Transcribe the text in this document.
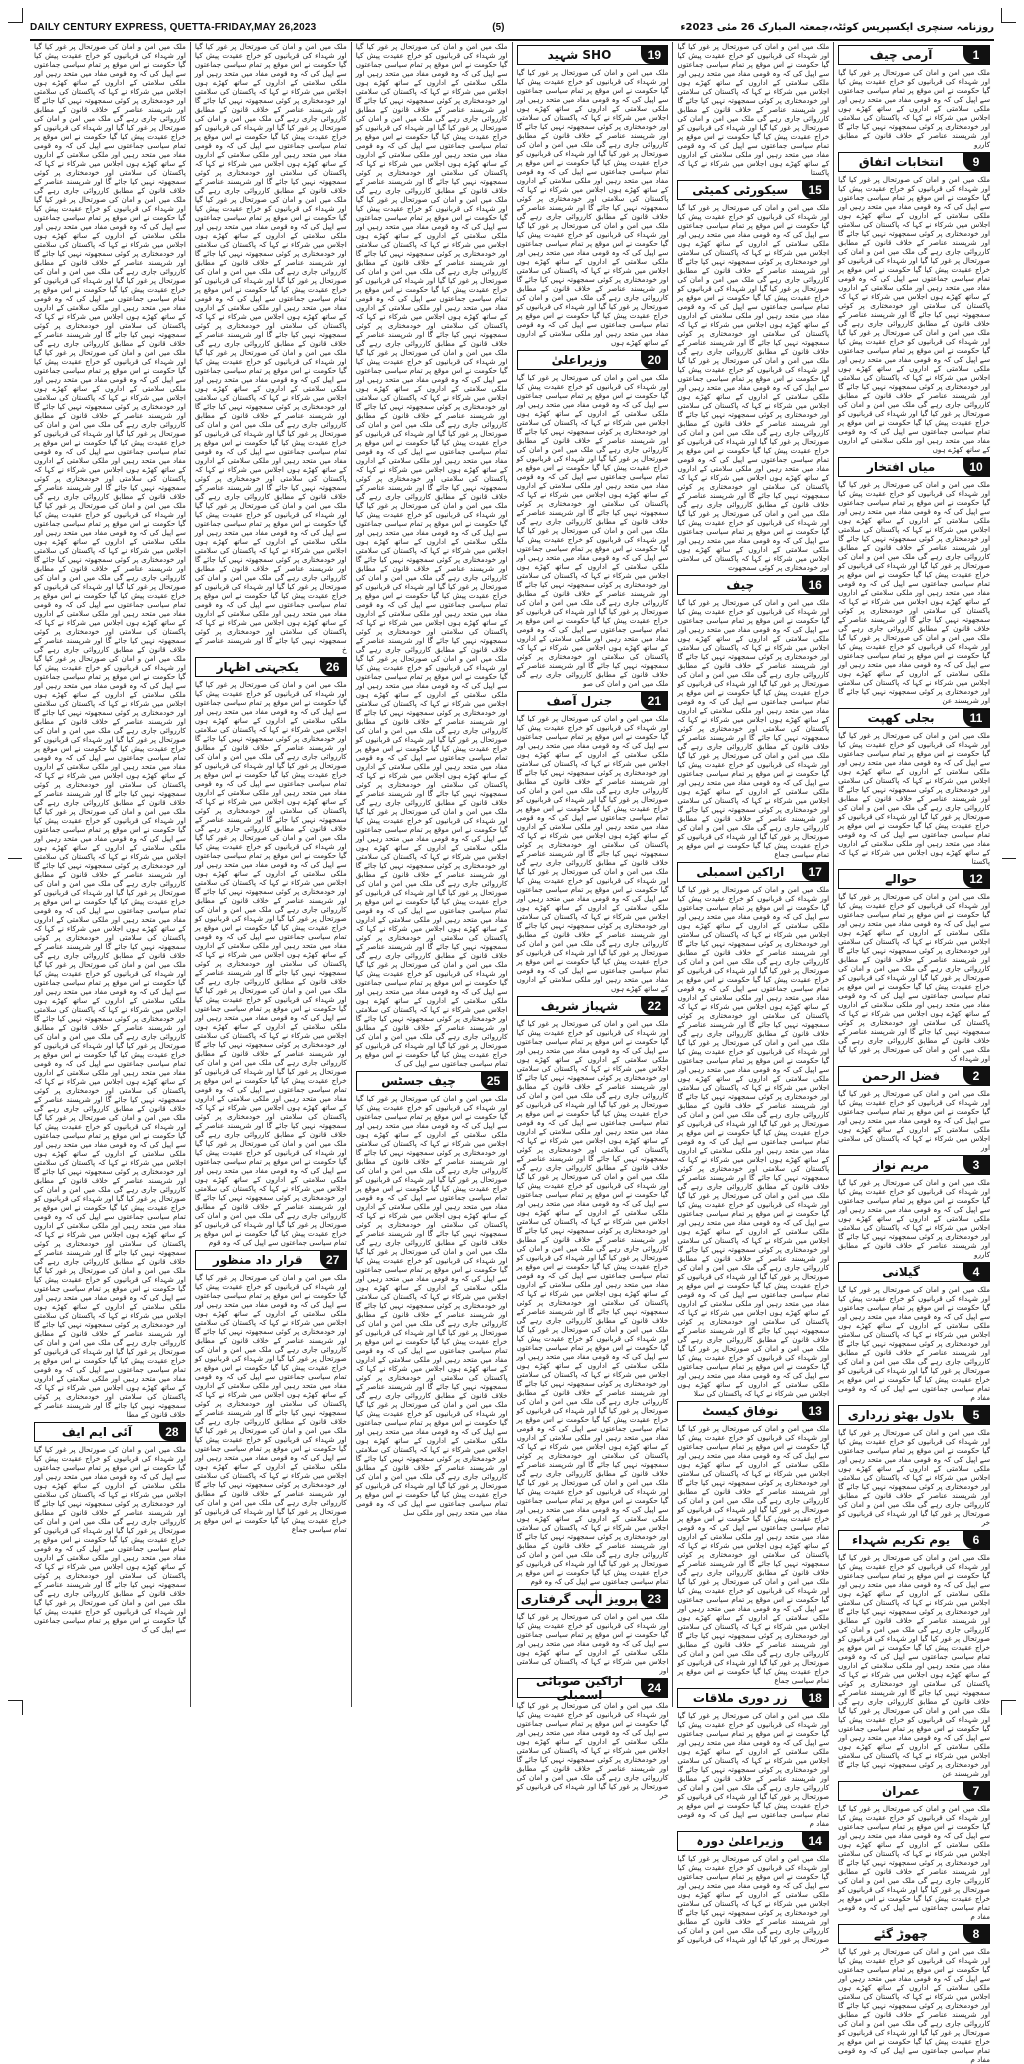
DAILY CENTURY EXPRESS, QUETTA-FRIDAY,MAY 26,2023	(5)	روزنامہ سنچری ایکسپریس کوئٹہ،جمعتہ المبارک 26 مئی 2023ء
1
آرمی چیف

ملک میں امن و امان کی صورتحال پر غور کیا گیا اور شہداء کی قربانیوں کو خراج عقیدت پیش کیا گیا حکومت نے اس موقع پر تمام سیاسی جماعتوں سے اپیل کی کہ وہ قومی مفاد میں متحد رہیں اور ملکی سلامتی کے اداروں کے ساتھ کھڑے ہوں اجلاس میں شرکاء نے کہا کہ پاکستان کی سلامتی اور خودمختاری پر کوئی سمجھوتہ نہیں کیا جائے گا اور شرپسند عناصر کے خلاف قانون کے مطابق کاررو

9
انتخابات اتفاق

ملک میں امن و امان کی صورتحال پر غور کیا گیا اور شہداء کی قربانیوں کو خراج عقیدت پیش کیا گیا حکومت نے اس موقع پر تمام سیاسی جماعتوں سے اپیل کی کہ وہ قومی مفاد میں متحد رہیں اور ملکی سلامتی کے اداروں کے ساتھ کھڑے ہوں اجلاس میں شرکاء نے کہا کہ پاکستان کی سلامتی اور خودمختاری پر کوئی سمجھوتہ نہیں کیا جائے گا اور شرپسند عناصر کے خلاف قانون کے مطابق کارروائی جاری رہے گی ملک میں امن و امان کی صورتحال پر غور کیا گیا اور شہداء کی قربانیوں کو خراج عقیدت پیش کیا گیا حکومت نے اس موقع پر تمام سیاسی جماعتوں سے اپیل کی کہ وہ قومی مفاد میں متحد رہیں اور ملکی سلامتی کے اداروں کے ساتھ کھڑے ہوں اجلاس میں شرکاء نے کہا کہ پاکستان کی سلامتی اور خودمختاری پر کوئی سمجھوتہ نہیں کیا جائے گا اور شرپسند عناصر کے خلاف قانون کے مطابق کارروائی جاری رہے گی ملک میں امن و امان کی صورتحال پر غور کیا گیا اور شہداء کی قربانیوں کو خراج عقیدت پیش کیا گیا حکومت نے اس موقع پر تمام سیاسی جماعتوں سے اپیل کی کہ وہ قومی مفاد میں متحد رہیں اور ملکی سلامتی کے اداروں کے ساتھ کھڑے ہوں اجلاس میں شرکاء نے کہا کہ پاکستان کی سلامتی اور خودمختاری پر کوئی سمجھوتہ نہیں کیا جائے گا اور شرپسند عناصر کے خلاف قانون کے مطابق کارروائی جاری رہے گی ملک میں امن و امان کی صورتحال پر غور کیا گیا اور شہداء کی قربانیوں کو خراج عقیدت پیش کیا گیا حکومت نے اس موقع پر تمام سیاسی جماعتوں سے اپیل کی کہ وہ قومی مفاد میں متحد رہیں اور ملکی سلامتی کے اداروں کے ساتھ کھڑے ہوں

10
میاں افتخار

ملک میں امن و امان کی صورتحال پر غور کیا گیا اور شہداء کی قربانیوں کو خراج عقیدت پیش کیا گیا حکومت نے اس موقع پر تمام سیاسی جماعتوں سے اپیل کی کہ وہ قومی مفاد میں متحد رہیں اور ملکی سلامتی کے اداروں کے ساتھ کھڑے ہوں اجلاس میں شرکاء نے کہا کہ پاکستان کی سلامتی اور خودمختاری پر کوئی سمجھوتہ نہیں کیا جائے گا اور شرپسند عناصر کے خلاف قانون کے مطابق کارروائی جاری رہے گی ملک میں امن و امان کی صورتحال پر غور کیا گیا اور شہداء کی قربانیوں کو خراج عقیدت پیش کیا گیا حکومت نے اس موقع پر تمام سیاسی جماعتوں سے اپیل کی کہ وہ قومی مفاد میں متحد رہیں اور ملکی سلامتی کے اداروں کے ساتھ کھڑے ہوں اجلاس میں شرکاء نے کہا کہ پاکستان کی سلامتی اور خودمختاری پر کوئی سمجھوتہ نہیں کیا جائے گا اور شرپسند عناصر کے خلاف قانون کے مطابق کارروائی جاری رہے گی ملک میں امن و امان کی صورتحال پر غور کیا گیا اور شہداء کی قربانیوں کو خراج عقیدت پیش کیا گیا حکومت نے اس موقع پر تمام سیاسی جماعتوں سے اپیل کی کہ وہ قومی مفاد میں متحد رہیں اور ملکی سلامتی کے اداروں کے ساتھ کھڑے ہوں اجلاس میں شرکاء نے کہا کہ پاکستان کی سلامتی اور خودمختاری پر کوئی سمجھوتہ نہیں کیا جائے گا اور شرپسند عن

11
بجلی کھپت

ملک میں امن و امان کی صورتحال پر غور کیا گیا اور شہداء کی قربانیوں کو خراج عقیدت پیش کیا گیا حکومت نے اس موقع پر تمام سیاسی جماعتوں سے اپیل کی کہ وہ قومی مفاد میں متحد رہیں اور ملکی سلامتی کے اداروں کے ساتھ کھڑے ہوں اجلاس میں شرکاء نے کہا کہ پاکستان کی سلامتی اور خودمختاری پر کوئی سمجھوتہ نہیں کیا جائے گا اور شرپسند عناصر کے خلاف قانون کے مطابق کارروائی جاری رہے گی ملک میں امن و امان کی صورتحال پر غور کیا گیا اور شہداء کی قربانیوں کو خراج عقیدت پیش کیا گیا حکومت نے اس موقع پر تمام سیاسی جماعتوں سے اپیل کی کہ وہ قومی مفاد میں متحد رہیں اور ملکی سلامتی کے اداروں کے ساتھ کھڑے ہوں اجلاس میں شرکاء نے کہا کہ پاکستا

12
حوالے

ملک میں امن و امان کی صورتحال پر غور کیا گیا اور شہداء کی قربانیوں کو خراج عقیدت پیش کیا گیا حکومت نے اس موقع پر تمام سیاسی جماعتوں سے اپیل کی کہ وہ قومی مفاد میں متحد رہیں اور ملکی سلامتی کے اداروں کے ساتھ کھڑے ہوں اجلاس میں شرکاء نے کہا کہ پاکستان کی سلامتی اور خودمختاری پر کوئی سمجھوتہ نہیں کیا جائے گا اور شرپسند عناصر کے خلاف قانون کے مطابق کارروائی جاری رہے گی ملک میں امن و امان کی صورتحال پر غور کیا گیا اور شہداء کی قربانیوں کو خراج عقیدت پیش کیا گیا حکومت نے اس موقع پر تمام سیاسی جماعتوں سے اپیل کی کہ وہ قومی مفاد میں متحد رہیں اور ملکی سلامتی کے اداروں کے ساتھ کھڑے ہوں اجلاس میں شرکاء نے کہا کہ پاکستان کی سلامتی اور خودمختاری پر کوئی سمجھوتہ نہیں کیا جائے گا اور شرپسند عناصر کے خلاف قانون کے مطابق کارروائی جاری رہے گی ملک میں امن و امان کی صورتحال پر غور کیا گیا اور شہداء ک

2
فضل الرحمن

ملک میں امن و امان کی صورتحال پر غور کیا گیا اور شہداء کی قربانیوں کو خراج عقیدت پیش کیا گیا حکومت نے اس موقع پر تمام سیاسی جماعتوں سے اپیل کی کہ وہ قومی مفاد میں متحد رہیں اور ملکی سلامتی کے اداروں کے ساتھ کھڑے ہوں اجلاس میں شرکاء نے کہا کہ پاکستان کی سلامتی اور

3
مریم نواز

ملک میں امن و امان کی صورتحال پر غور کیا گیا اور شہداء کی قربانیوں کو خراج عقیدت پیش کیا گیا حکومت نے اس موقع پر تمام سیاسی جماعتوں سے اپیل کی کہ وہ قومی مفاد میں متحد رہیں اور ملکی سلامتی کے اداروں کے ساتھ کھڑے ہوں اجلاس میں شرکاء نے کہا کہ پاکستان کی سلامتی اور خودمختاری پر کوئی سمجھوتہ نہیں کیا جائے گا اور شرپسند عناصر کے خلاف قانون کے مطابق کاررو

4
گیلانی

ملک میں امن و امان کی صورتحال پر غور کیا گیا اور شہداء کی قربانیوں کو خراج عقیدت پیش کیا گیا حکومت نے اس موقع پر تمام سیاسی جماعتوں سے اپیل کی کہ وہ قومی مفاد میں متحد رہیں اور ملکی سلامتی کے اداروں کے ساتھ کھڑے ہوں اجلاس میں شرکاء نے کہا کہ پاکستان کی سلامتی اور خودمختاری پر کوئی سمجھوتہ نہیں کیا جائے گا اور شرپسند عناصر کے خلاف قانون کے مطابق کارروائی جاری رہے گی ملک میں امن و امان کی صورتحال پر غور کیا گیا اور شہداء کی قربانیوں کو خراج عقیدت پیش کیا گیا حکومت نے اس موقع پر تمام سیاسی جماعتوں سے اپیل کی کہ وہ قومی مفاد م

5
بلاول بھٹو زرداری

ملک میں امن و امان کی صورتحال پر غور کیا گیا اور شہداء کی قربانیوں کو خراج عقیدت پیش کیا گیا حکومت نے اس موقع پر تمام سیاسی جماعتوں سے اپیل کی کہ وہ قومی مفاد میں متحد رہیں اور ملکی سلامتی کے اداروں کے ساتھ کھڑے ہوں اجلاس میں شرکاء نے کہا کہ پاکستان کی سلامتی اور خودمختاری پر کوئی سمجھوتہ نہیں کیا جائے گا اور شرپسند عناصر کے خلاف قانون کے مطابق کارروائی جاری رہے گی ملک میں امن و امان کی صورتحال پر غور کیا گیا اور شہداء کی قربانیوں کو خر

6
یوم تکریم شہداء

ملک میں امن و امان کی صورتحال پر غور کیا گیا اور شہداء کی قربانیوں کو خراج عقیدت پیش کیا گیا حکومت نے اس موقع پر تمام سیاسی جماعتوں سے اپیل کی کہ وہ قومی مفاد میں متحد رہیں اور ملکی سلامتی کے اداروں کے ساتھ کھڑے ہوں اجلاس میں شرکاء نے کہا کہ پاکستان کی سلامتی اور خودمختاری پر کوئی سمجھوتہ نہیں کیا جائے گا اور شرپسند عناصر کے خلاف قانون کے مطابق کارروائی جاری رہے گی ملک میں امن و امان کی صورتحال پر غور کیا گیا اور شہداء کی قربانیوں کو خراج عقیدت پیش کیا گیا حکومت نے اس موقع پر تمام سیاسی جماعتوں سے اپیل کی کہ وہ قومی مفاد میں متحد رہیں اور ملکی سلامتی کے اداروں کے ساتھ کھڑے ہوں اجلاس میں شرکاء نے کہا کہ پاکستان کی سلامتی اور خودمختاری پر کوئی سمجھوتہ نہیں کیا جائے گا اور شرپسند عناصر کے خلاف قانون کے مطابق کارروائی جاری رہے گی ملک میں امن و امان کی صورتحال پر غور کیا گیا اور شہداء کی قربانیوں کو خراج عقیدت پیش کیا گیا حکومت نے اس موقع پر تمام سیاسی جماعتوں سے اپیل کی کہ وہ قومی مفاد میں متحد رہیں اور ملکی سلامتی کے اداروں کے ساتھ کھڑے ہوں اجلاس میں شرکاء نے کہا کہ پاکستان کی سلامتی اور خودمختاری پر کوئی سمجھوتہ نہیں کیا جائے گا اور شرپسند عن

7
عمران

ملک میں امن و امان کی صورتحال پر غور کیا گیا اور شہداء کی قربانیوں کو خراج عقیدت پیش کیا گیا حکومت نے اس موقع پر تمام سیاسی جماعتوں سے اپیل کی کہ وہ قومی مفاد میں متحد رہیں اور ملکی سلامتی کے اداروں کے ساتھ کھڑے ہوں اجلاس میں شرکاء نے کہا کہ پاکستان کی سلامتی اور خودمختاری پر کوئی سمجھوتہ نہیں کیا جائے گا اور شرپسند عناصر کے خلاف قانون کے مطابق کارروائی جاری رہے گی ملک میں امن و امان کی صورتحال پر غور کیا گیا اور شہداء کی قربانیوں کو خراج عقیدت پیش کیا گیا حکومت نے اس موقع پر تمام سیاسی جماعتوں سے اپیل کی کہ وہ قومی مفاد م

8
چھوڑ گئے

ملک میں امن و امان کی صورتحال پر غور کیا گیا اور شہداء کی قربانیوں کو خراج عقیدت پیش کیا گیا حکومت نے اس موقع پر تمام سیاسی جماعتوں سے اپیل کی کہ وہ قومی مفاد میں متحد رہیں اور ملکی سلامتی کے اداروں کے ساتھ کھڑے ہوں اجلاس میں شرکاء نے کہا کہ پاکستان کی سلامتی اور خودمختاری پر کوئی سمجھوتہ نہیں کیا جائے گا اور شرپسند عناصر کے خلاف قانون کے مطابق کارروائی جاری رہے گی ملک میں امن و امان کی صورتحال پر غور کیا گیا اور شہداء کی قربانیوں کو خراج عقیدت پیش کیا گیا حکومت نے اس موقع پر تمام سیاسی جماعتوں سے اپیل کی کہ وہ قومی مفاد م

ملک میں امن و امان کی صورتحال پر غور کیا گیا اور شہداء کی قربانیوں کو خراج عقیدت پیش کیا گیا حکومت نے اس موقع پر تمام سیاسی جماعتوں سے اپیل کی کہ وہ قومی مفاد میں متحد رہیں اور ملکی سلامتی کے اداروں کے ساتھ کھڑے ہوں اجلاس میں شرکاء نے کہا کہ پاکستان کی سلامتی اور خودمختاری پر کوئی سمجھوتہ نہیں کیا جائے گا اور شرپسند عناصر کے خلاف قانون کے مطابق کارروائی جاری رہے گی ملک میں امن و امان کی صورتحال پر غور کیا گیا اور شہداء کی قربانیوں کو خراج عقیدت پیش کیا گیا حکومت نے اس موقع پر تمام سیاسی جماعتوں سے اپیل کی کہ وہ قومی مفاد میں متحد رہیں اور ملکی سلامتی کے اداروں کے ساتھ کھڑے ہوں اجلاس میں شرکاء نے کہا کہ پاکستا

15
سیکورٹی کمیٹی

ملک میں امن و امان کی صورتحال پر غور کیا گیا اور شہداء کی قربانیوں کو خراج عقیدت پیش کیا گیا حکومت نے اس موقع پر تمام سیاسی جماعتوں سے اپیل کی کہ وہ قومی مفاد میں متحد رہیں اور ملکی سلامتی کے اداروں کے ساتھ کھڑے ہوں اجلاس میں شرکاء نے کہا کہ پاکستان کی سلامتی اور خودمختاری پر کوئی سمجھوتہ نہیں کیا جائے گا اور شرپسند عناصر کے خلاف قانون کے مطابق کارروائی جاری رہے گی ملک میں امن و امان کی صورتحال پر غور کیا گیا اور شہداء کی قربانیوں کو خراج عقیدت پیش کیا گیا حکومت نے اس موقع پر تمام سیاسی جماعتوں سے اپیل کی کہ وہ قومی مفاد میں متحد رہیں اور ملکی سلامتی کے اداروں کے ساتھ کھڑے ہوں اجلاس میں شرکاء نے کہا کہ پاکستان کی سلامتی اور خودمختاری پر کوئی سمجھوتہ نہیں کیا جائے گا اور شرپسند عناصر کے خلاف قانون کے مطابق کارروائی جاری رہے گی ملک میں امن و امان کی صورتحال پر غور کیا گیا اور شہداء کی قربانیوں کو خراج عقیدت پیش کیا گیا حکومت نے اس موقع پر تمام سیاسی جماعتوں سے اپیل کی کہ وہ قومی مفاد میں متحد رہیں اور ملکی سلامتی کے اداروں کے ساتھ کھڑے ہوں اجلاس میں شرکاء نے کہا کہ پاکستان کی سلامتی اور خودمختاری پر کوئی سمجھوتہ نہیں کیا جائے گا اور شرپسند عناصر کے خلاف قانون کے مطابق کارروائی جاری رہے گی ملک میں امن و امان کی صورتحال پر غور کیا گیا اور شہداء کی قربانیوں کو خراج عقیدت پیش کیا گیا حکومت نے اس موقع پر تمام سیاسی جماعتوں سے اپیل کی کہ وہ قومی مفاد میں متحد رہیں اور ملکی سلامتی کے اداروں کے ساتھ کھڑے ہوں اجلاس میں شرکاء نے کہا کہ پاکستان کی سلامتی اور خودمختاری پر کوئی سمجھوتہ نہیں کیا جائے گا اور شرپسند عناصر کے خلاف قانون کے مطابق کارروائی جاری رہے گی ملک میں امن و امان کی صورتحال پر غور کیا گیا اور شہداء کی قربانیوں کو خراج عقیدت پیش کیا گیا حکومت نے اس موقع پر تمام سیاسی جماعتوں سے اپیل کی کہ وہ قومی مفاد میں متحد رہیں اور ملکی سلامتی کے اداروں کے ساتھ کھڑے ہوں اجلاس میں شرکاء نے کہا کہ پاکستان کی سلامتی اور خودمختاری پر کوئی سمجھوت

16
چیف

ملک میں امن و امان کی صورتحال پر غور کیا گیا اور شہداء کی قربانیوں کو خراج عقیدت پیش کیا گیا حکومت نے اس موقع پر تمام سیاسی جماعتوں سے اپیل کی کہ وہ قومی مفاد میں متحد رہیں اور ملکی سلامتی کے اداروں کے ساتھ کھڑے ہوں اجلاس میں شرکاء نے کہا کہ پاکستان کی سلامتی اور خودمختاری پر کوئی سمجھوتہ نہیں کیا جائے گا اور شرپسند عناصر کے خلاف قانون کے مطابق کارروائی جاری رہے گی ملک میں امن و امان کی صورتحال پر غور کیا گیا اور شہداء کی قربانیوں کو خراج عقیدت پیش کیا گیا حکومت نے اس موقع پر تمام سیاسی جماعتوں سے اپیل کی کہ وہ قومی مفاد میں متحد رہیں اور ملکی سلامتی کے اداروں کے ساتھ کھڑے ہوں اجلاس میں شرکاء نے کہا کہ پاکستان کی سلامتی اور خودمختاری پر کوئی سمجھوتہ نہیں کیا جائے گا اور شرپسند عناصر کے خلاف قانون کے مطابق کارروائی جاری رہے گی ملک میں امن و امان کی صورتحال پر غور کیا گیا اور شہداء کی قربانیوں کو خراج عقیدت پیش کیا گیا حکومت نے اس موقع پر تمام سیاسی جماعتوں سے اپیل کی کہ وہ قومی مفاد میں متحد رہیں اور ملکی سلامتی کے اداروں کے ساتھ کھڑے ہوں اجلاس میں شرکاء نے کہا کہ پاکستان کی سلامتی اور خودمختاری پر کوئی سمجھوتہ نہیں کیا جائے گا اور شرپسند عناصر کے خلاف قانون کے مطابق کارروائی جاری رہے گی ملک میں امن و امان کی صورتحال پر غور کیا گیا اور شہداء کی قربانیوں کو خراج عقیدت پیش کیا گیا حکومت نے اس موقع پر تمام سیاسی جماع

17
اراکین اسمبلی

ملک میں امن و امان کی صورتحال پر غور کیا گیا اور شہداء کی قربانیوں کو خراج عقیدت پیش کیا گیا حکومت نے اس موقع پر تمام سیاسی جماعتوں سے اپیل کی کہ وہ قومی مفاد میں متحد رہیں اور ملکی سلامتی کے اداروں کے ساتھ کھڑے ہوں اجلاس میں شرکاء نے کہا کہ پاکستان کی سلامتی اور خودمختاری پر کوئی سمجھوتہ نہیں کیا جائے گا اور شرپسند عناصر کے خلاف قانون کے مطابق کارروائی جاری رہے گی ملک میں امن و امان کی صورتحال پر غور کیا گیا اور شہداء کی قربانیوں کو خراج عقیدت پیش کیا گیا حکومت نے اس موقع پر تمام سیاسی جماعتوں سے اپیل کی کہ وہ قومی مفاد میں متحد رہیں اور ملکی سلامتی کے اداروں کے ساتھ کھڑے ہوں اجلاس میں شرکاء نے کہا کہ پاکستان کی سلامتی اور خودمختاری پر کوئی سمجھوتہ نہیں کیا جائے گا اور شرپسند عناصر کے خلاف قانون کے مطابق کارروائی جاری رہے گی ملک میں امن و امان کی صورتحال پر غور کیا گیا اور شہداء کی قربانیوں کو خراج عقیدت پیش کیا گیا حکومت نے اس موقع پر تمام سیاسی جماعتوں سے اپیل کی کہ وہ قومی مفاد میں متحد رہیں اور ملکی سلامتی کے اداروں کے ساتھ کھڑے ہوں اجلاس میں شرکاء نے کہا کہ پاکستان کی سلامتی اور خودمختاری پر کوئی سمجھوتہ نہیں کیا جائے گا اور شرپسند عناصر کے خلاف قانون کے مطابق کارروائی جاری رہے گی ملک میں امن و امان کی صورتحال پر غور کیا گیا اور شہداء کی قربانیوں کو خراج عقیدت پیش کیا گیا حکومت نے اس موقع پر تمام سیاسی جماعتوں سے اپیل کی کہ وہ قومی مفاد میں متحد رہیں اور ملکی سلامتی کے اداروں کے ساتھ کھڑے ہوں اجلاس میں شرکاء نے کہا کہ پاکستان کی سلامتی اور خودمختاری پر کوئی سمجھوتہ نہیں کیا جائے گا اور شرپسند عناصر کے خلاف قانون کے مطابق کارروائی جاری رہے گی ملک میں امن و امان کی صورتحال پر غور کیا گیا اور شہداء کی قربانیوں کو خراج عقیدت پیش کیا گیا حکومت نے اس موقع پر تمام سیاسی جماعتوں سے اپیل کی کہ وہ قومی مفاد میں متحد رہیں اور ملکی سلامتی کے اداروں کے ساتھ کھڑے ہوں اجلاس میں شرکاء نے کہا کہ پاکستان کی سلامتی اور خودمختاری پر کوئی سمجھوتہ نہیں کیا جائے گا اور شرپسند عناصر کے خلاف قانون کے مطابق کارروائی جاری رہے گی ملک میں امن و امان کی صورتحال پر غور کیا گیا اور شہداء کی قربانیوں کو خراج عقیدت پیش کیا گیا حکومت نے اس موقع پر تمام سیاسی جماعتوں سے اپیل کی کہ وہ قومی مفاد میں متحد رہیں اور ملکی سلامتی کے اداروں کے ساتھ کھڑے ہوں اجلاس میں شرکاء نے کہا کہ پاکستان کی سلامتی اور خودمختاری پر کوئی سمجھوتہ نہیں کیا جائے گا اور شرپسند عناصر کے خلاف قانون کے مطابق کارروائی جاری رہے گی ملک میں امن و امان کی صورتحال پر غور کیا گیا اور شہداء کی قربانیوں کو خراج عقیدت پیش کیا گیا حکومت نے اس موقع پر تمام سیاسی جماعتوں سے اپیل کی کہ وہ قومی مفاد میں متحد رہیں اور ملکی سلامتی کے اداروں کے ساتھ کھڑے ہوں اجلاس میں شرکاء نے کہا کہ پاکستان کی سلا

13
نوفاق کیسٹ

ملک میں امن و امان کی صورتحال پر غور کیا گیا اور شہداء کی قربانیوں کو خراج عقیدت پیش کیا گیا حکومت نے اس موقع پر تمام سیاسی جماعتوں سے اپیل کی کہ وہ قومی مفاد میں متحد رہیں اور ملکی سلامتی کے اداروں کے ساتھ کھڑے ہوں اجلاس میں شرکاء نے کہا کہ پاکستان کی سلامتی اور خودمختاری پر کوئی سمجھوتہ نہیں کیا جائے گا اور شرپسند عناصر کے خلاف قانون کے مطابق کارروائی جاری رہے گی ملک میں امن و امان کی صورتحال پر غور کیا گیا اور شہداء کی قربانیوں کو خراج عقیدت پیش کیا گیا حکومت نے اس موقع پر تمام سیاسی جماعتوں سے اپیل کی کہ وہ قومی مفاد میں متحد رہیں اور ملکی سلامتی کے اداروں کے ساتھ کھڑے ہوں اجلاس میں شرکاء نے کہا کہ پاکستان کی سلامتی اور خودمختاری پر کوئی سمجھوتہ نہیں کیا جائے گا اور شرپسند عناصر کے خلاف قانون کے مطابق کارروائی جاری رہے گی ملک میں امن و امان کی صورتحال پر غور کیا گیا اور شہداء کی قربانیوں کو خراج عقیدت پیش کیا گیا حکومت نے اس موقع پر تمام سیاسی جماعتوں سے اپیل کی کہ وہ قومی مفاد میں متحد رہیں اور ملکی سلامتی کے اداروں کے ساتھ کھڑے ہوں اجلاس میں شرکاء نے کہا کہ پاکستان کی سلامتی اور خودمختاری پر کوئی سمجھوتہ نہیں کیا جائے گا اور شرپسند عناصر کے خلاف قانون کے مطابق کارروائی جاری رہے گی ملک میں امن و امان کی صورتحال پر غور کیا گیا اور شہداء کی قربانیوں کو خراج عقیدت پیش کیا گیا حکومت نے اس موقع پر تمام سیاسی جماع

18
زر دوری ملاقات

ملک میں امن و امان کی صورتحال پر غور کیا گیا اور شہداء کی قربانیوں کو خراج عقیدت پیش کیا گیا حکومت نے اس موقع پر تمام سیاسی جماعتوں سے اپیل کی کہ وہ قومی مفاد میں متحد رہیں اور ملکی سلامتی کے اداروں کے ساتھ کھڑے ہوں اجلاس میں شرکاء نے کہا کہ پاکستان کی سلامتی اور خودمختاری پر کوئی سمجھوتہ نہیں کیا جائے گا اور شرپسند عناصر کے خلاف قانون کے مطابق کارروائی جاری رہے گی ملک میں امن و امان کی صورتحال پر غور کیا گیا اور شہداء کی قربانیوں کو خراج عقیدت پیش کیا گیا حکومت نے اس موقع پر تمام سیاسی جماعتوں سے اپیل کی کہ وہ قومی مفاد م

14
وزیراعلیٰ دورہ

ملک میں امن و امان کی صورتحال پر غور کیا گیا اور شہداء کی قربانیوں کو خراج عقیدت پیش کیا گیا حکومت نے اس موقع پر تمام سیاسی جماعتوں سے اپیل کی کہ وہ قومی مفاد میں متحد رہیں اور ملکی سلامتی کے اداروں کے ساتھ کھڑے ہوں اجلاس میں شرکاء نے کہا کہ پاکستان کی سلامتی اور خودمختاری پر کوئی سمجھوتہ نہیں کیا جائے گا اور شرپسند عناصر کے خلاف قانون کے مطابق کارروائی جاری رہے گی ملک میں امن و امان کی صورتحال پر غور کیا گیا اور شہداء کی قربانیوں کو خر

19
SHO شہید

ملک میں امن و امان کی صورتحال پر غور کیا گیا اور شہداء کی قربانیوں کو خراج عقیدت پیش کیا گیا حکومت نے اس موقع پر تمام سیاسی جماعتوں سے اپیل کی کہ وہ قومی مفاد میں متحد رہیں اور ملکی سلامتی کے اداروں کے ساتھ کھڑے ہوں اجلاس میں شرکاء نے کہا کہ پاکستان کی سلامتی اور خودمختاری پر کوئی سمجھوتہ نہیں کیا جائے گا اور شرپسند عناصر کے خلاف قانون کے مطابق کارروائی جاری رہے گی ملک میں امن و امان کی صورتحال پر غور کیا گیا اور شہداء کی قربانیوں کو خراج عقیدت پیش کیا گیا حکومت نے اس موقع پر تمام سیاسی جماعتوں سے اپیل کی کہ وہ قومی مفاد میں متحد رہیں اور ملکی سلامتی کے اداروں کے ساتھ کھڑے ہوں اجلاس میں شرکاء نے کہا کہ پاکستان کی سلامتی اور خودمختاری پر کوئی سمجھوتہ نہیں کیا جائے گا اور شرپسند عناصر کے خلاف قانون کے مطابق کارروائی جاری رہے گی ملک میں امن و امان کی صورتحال پر غور کیا گیا اور شہداء کی قربانیوں کو خراج عقیدت پیش کیا گیا حکومت نے اس موقع پر تمام سیاسی جماعتوں سے اپیل کی کہ وہ قومی مفاد میں متحد رہیں اور ملکی سلامتی کے اداروں کے ساتھ کھڑے ہوں اجلاس میں شرکاء نے کہا کہ پاکستان کی سلامتی اور خودمختاری پر کوئی سمجھوتہ نہیں کیا جائے گا اور شرپسند عناصر کے خلاف قانون کے مطابق کارروائی جاری رہے گی ملک میں امن و امان کی صورتحال پر غور کیا گیا اور شہداء کی قربانیوں کو خراج عقیدت پیش کیا گیا حکومت نے اس موقع پر تمام سیاسی جماعتوں سے اپیل کی کہ وہ قومی مفاد میں متحد رہیں اور ملکی سلامتی کے اداروں کے ساتھ کھڑے ہوں

20
وزیراعلیٰ

ملک میں امن و امان کی صورتحال پر غور کیا گیا اور شہداء کی قربانیوں کو خراج عقیدت پیش کیا گیا حکومت نے اس موقع پر تمام سیاسی جماعتوں سے اپیل کی کہ وہ قومی مفاد میں متحد رہیں اور ملکی سلامتی کے اداروں کے ساتھ کھڑے ہوں اجلاس میں شرکاء نے کہا کہ پاکستان کی سلامتی اور خودمختاری پر کوئی سمجھوتہ نہیں کیا جائے گا اور شرپسند عناصر کے خلاف قانون کے مطابق کارروائی جاری رہے گی ملک میں امن و امان کی صورتحال پر غور کیا گیا اور شہداء کی قربانیوں کو خراج عقیدت پیش کیا گیا حکومت نے اس موقع پر تمام سیاسی جماعتوں سے اپیل کی کہ وہ قومی مفاد میں متحد رہیں اور ملکی سلامتی کے اداروں کے ساتھ کھڑے ہوں اجلاس میں شرکاء نے کہا کہ پاکستان کی سلامتی اور خودمختاری پر کوئی سمجھوتہ نہیں کیا جائے گا اور شرپسند عناصر کے خلاف قانون کے مطابق کارروائی جاری رہے گی ملک میں امن و امان کی صورتحال پر غور کیا گیا اور شہداء کی قربانیوں کو خراج عقیدت پیش کیا گیا حکومت نے اس موقع پر تمام سیاسی جماعتوں سے اپیل کی کہ وہ قومی مفاد میں متحد رہیں اور ملکی سلامتی کے اداروں کے ساتھ کھڑے ہوں اجلاس میں شرکاء نے کہا کہ پاکستان کی سلامتی اور خودمختاری پر کوئی سمجھوتہ نہیں کیا جائے گا اور شرپسند عناصر کے خلاف قانون کے مطابق کارروائی جاری رہے گی ملک میں امن و امان کی صورتحال پر غور کیا گیا اور شہداء کی قربانیوں کو خراج عقیدت پیش کیا گیا حکومت نے اس موقع پر تمام سیاسی جماعتوں سے اپیل کی کہ وہ قومی مفاد میں متحد رہیں اور ملکی سلامتی کے اداروں کے ساتھ کھڑے ہوں اجلاس میں شرکاء نے کہا کہ پاکستان کی سلامتی اور خودمختاری پر کوئی سمجھوتہ نہیں کیا جائے گا اور شرپسند عناصر کے خلاف قانون کے مطابق کارروائی جاری رہے گی ملک میں امن و امان کی صو

21
جنرل آصف

ملک میں امن و امان کی صورتحال پر غور کیا گیا اور شہداء کی قربانیوں کو خراج عقیدت پیش کیا گیا حکومت نے اس موقع پر تمام سیاسی جماعتوں سے اپیل کی کہ وہ قومی مفاد میں متحد رہیں اور ملکی سلامتی کے اداروں کے ساتھ کھڑے ہوں اجلاس میں شرکاء نے کہا کہ پاکستان کی سلامتی اور خودمختاری پر کوئی سمجھوتہ نہیں کیا جائے گا اور شرپسند عناصر کے خلاف قانون کے مطابق کارروائی جاری رہے گی ملک میں امن و امان کی صورتحال پر غور کیا گیا اور شہداء کی قربانیوں کو خراج عقیدت پیش کیا گیا حکومت نے اس موقع پر تمام سیاسی جماعتوں سے اپیل کی کہ وہ قومی مفاد میں متحد رہیں اور ملکی سلامتی کے اداروں کے ساتھ کھڑے ہوں اجلاس میں شرکاء نے کہا کہ پاکستان کی سلامتی اور خودمختاری پر کوئی سمجھوتہ نہیں کیا جائے گا اور شرپسند عناصر کے خلاف قانون کے مطابق کارروائی جاری رہے گی ملک میں امن و امان کی صورتحال پر غور کیا گیا اور شہداء کی قربانیوں کو خراج عقیدت پیش کیا گیا حکومت نے اس موقع پر تمام سیاسی جماعتوں سے اپیل کی کہ وہ قومی مفاد میں متحد رہیں اور ملکی سلامتی کے اداروں کے ساتھ کھڑے ہوں اجلاس میں شرکاء نے کہا کہ پاکستان کی سلامتی اور خودمختاری پر کوئی سمجھوتہ نہیں کیا جائے گا اور شرپسند عناصر کے خلاف قانون کے مطابق کارروائی جاری رہے گی ملک میں امن و امان کی صورتحال پر غور کیا گیا اور شہداء کی قربانیوں کو خراج عقیدت پیش کیا گیا حکومت نے اس موقع پر تمام سیاسی جماعتوں سے اپیل کی کہ وہ قومی مفاد میں متحد رہیں اور ملکی سلامتی کے اداروں کے ساتھ کھڑے ہوں

22
شہباز شریف

ملک میں امن و امان کی صورتحال پر غور کیا گیا اور شہداء کی قربانیوں کو خراج عقیدت پیش کیا گیا حکومت نے اس موقع پر تمام سیاسی جماعتوں سے اپیل کی کہ وہ قومی مفاد میں متحد رہیں اور ملکی سلامتی کے اداروں کے ساتھ کھڑے ہوں اجلاس میں شرکاء نے کہا کہ پاکستان کی سلامتی اور خودمختاری پر کوئی سمجھوتہ نہیں کیا جائے گا اور شرپسند عناصر کے خلاف قانون کے مطابق کارروائی جاری رہے گی ملک میں امن و امان کی صورتحال پر غور کیا گیا اور شہداء کی قربانیوں کو خراج عقیدت پیش کیا گیا حکومت نے اس موقع پر تمام سیاسی جماعتوں سے اپیل کی کہ وہ قومی مفاد میں متحد رہیں اور ملکی سلامتی کے اداروں کے ساتھ کھڑے ہوں اجلاس میں شرکاء نے کہا کہ پاکستان کی سلامتی اور خودمختاری پر کوئی سمجھوتہ نہیں کیا جائے گا اور شرپسند عناصر کے خلاف قانون کے مطابق کارروائی جاری رہے گی ملک میں امن و امان کی صورتحال پر غور کیا گیا اور شہداء کی قربانیوں کو خراج عقیدت پیش کیا گیا حکومت نے اس موقع پر تمام سیاسی جماعتوں سے اپیل کی کہ وہ قومی مفاد میں متحد رہیں اور ملکی سلامتی کے اداروں کے ساتھ کھڑے ہوں اجلاس میں شرکاء نے کہا کہ پاکستان کی سلامتی اور خودمختاری پر کوئی سمجھوتہ نہیں کیا جائے گا اور شرپسند عناصر کے خلاف قانون کے مطابق کارروائی جاری رہے گی ملک میں امن و امان کی صورتحال پر غور کیا گیا اور شہداء کی قربانیوں کو خراج عقیدت پیش کیا گیا حکومت نے اس موقع پر تمام سیاسی جماعتوں سے اپیل کی کہ وہ قومی مفاد میں متحد رہیں اور ملکی سلامتی کے اداروں کے ساتھ کھڑے ہوں اجلاس میں شرکاء نے کہا کہ پاکستان کی سلامتی اور خودمختاری پر کوئی سمجھوتہ نہیں کیا جائے گا اور شرپسند عناصر کے خلاف قانون کے مطابق کارروائی جاری رہے گی ملک میں امن و امان کی صورتحال پر غور کیا گیا اور شہداء کی قربانیوں کو خراج عقیدت پیش کیا گیا حکومت نے اس موقع پر تمام سیاسی جماعتوں سے اپیل کی کہ وہ قومی مفاد میں متحد رہیں اور ملکی سلامتی کے اداروں کے ساتھ کھڑے ہوں اجلاس میں شرکاء نے کہا کہ پاکستان کی سلامتی اور خودمختاری پر کوئی سمجھوتہ نہیں کیا جائے گا اور شرپسند عناصر کے خلاف قانون کے مطابق کارروائی جاری رہے گی ملک میں امن و امان کی صورتحال پر غور کیا گیا اور شہداء کی قربانیوں کو خراج عقیدت پیش کیا گیا حکومت نے اس موقع پر تمام سیاسی جماعتوں سے اپیل کی کہ وہ قومی مفاد میں متحد رہیں اور ملکی سلامتی کے اداروں کے ساتھ کھڑے ہوں اجلاس میں شرکاء نے کہا کہ پاکستان کی سلامتی اور خودمختاری پر کوئی سمجھوتہ نہیں کیا جائے گا اور شرپسند عناصر کے خلاف قانون کے مطابق کارروائی جاری رہے گی ملک میں امن و امان کی صورتحال پر غور کیا گیا اور شہداء کی قربانیوں کو خراج عقیدت پیش کیا گیا حکومت نے اس موقع پر تمام سیاسی جماعتوں سے اپیل کی کہ وہ قومی مفاد میں متحد رہیں اور ملکی سلامتی کے اداروں کے ساتھ کھڑے ہوں اجلاس میں شرکاء نے کہا کہ پاکستان کی سلامتی اور خودمختاری پر کوئی سمجھوتہ نہیں کیا جائے گا اور شرپسند عناصر کے خلاف قانون کے مطابق کارروائی جاری رہے گی ملک میں امن و امان کی صورتحال پر غور کیا گیا اور شہداء کی قربانیوں کو خراج عقیدت پیش کیا گیا حکومت نے اس موقع پر تمام سیاسی جماعتوں سے اپیل کی کہ وہ قوم

23
پرویز الٰہی گرفتاری

ملک میں امن و امان کی صورتحال پر غور کیا گیا اور شہداء کی قربانیوں کو خراج عقیدت پیش کیا گیا حکومت نے اس موقع پر تمام سیاسی جماعتوں سے اپیل کی کہ وہ قومی مفاد میں متحد رہیں اور ملکی سلامتی کے اداروں کے ساتھ کھڑے ہوں اجلاس میں شرکاء نے کہا کہ پاکستان کی سلامتی اور

24
اراکین صوبائی اسمبلی

ملک میں امن و امان کی صورتحال پر غور کیا گیا اور شہداء کی قربانیوں کو خراج عقیدت پیش کیا گیا حکومت نے اس موقع پر تمام سیاسی جماعتوں سے اپیل کی کہ وہ قومی مفاد میں متحد رہیں اور ملکی سلامتی کے اداروں کے ساتھ کھڑے ہوں اجلاس میں شرکاء نے کہا کہ پاکستان کی سلامتی اور خودمختاری پر کوئی سمجھوتہ نہیں کیا جائے گا اور شرپسند عناصر کے خلاف قانون کے مطابق کارروائی جاری رہے گی ملک میں امن و امان کی صورتحال پر غور کیا گیا اور شہداء کی قربانیوں کو خر

ملک میں امن و امان کی صورتحال پر غور کیا گیا اور شہداء کی قربانیوں کو خراج عقیدت پیش کیا گیا حکومت نے اس موقع پر تمام سیاسی جماعتوں سے اپیل کی کہ وہ قومی مفاد میں متحد رہیں اور ملکی سلامتی کے اداروں کے ساتھ کھڑے ہوں اجلاس میں شرکاء نے کہا کہ پاکستان کی سلامتی اور خودمختاری پر کوئی سمجھوتہ نہیں کیا جائے گا اور شرپسند عناصر کے خلاف قانون کے مطابق کارروائی جاری رہے گی ملک میں امن و امان کی صورتحال پر غور کیا گیا اور شہداء کی قربانیوں کو خراج عقیدت پیش کیا گیا حکومت نے اس موقع پر تمام سیاسی جماعتوں سے اپیل کی کہ وہ قومی مفاد میں متحد رہیں اور ملکی سلامتی کے اداروں کے ساتھ کھڑے ہوں اجلاس میں شرکاء نے کہا کہ پاکستان کی سلامتی اور خودمختاری پر کوئی سمجھوتہ نہیں کیا جائے گا اور شرپسند عناصر کے خلاف قانون کے مطابق کارروائی جاری رہے گی ملک میں امن و امان کی صورتحال پر غور کیا گیا اور شہداء کی قربانیوں کو خراج عقیدت پیش کیا گیا حکومت نے اس موقع پر تمام سیاسی جماعتوں سے اپیل کی کہ وہ قومی مفاد میں متحد رہیں اور ملکی سلامتی کے اداروں کے ساتھ کھڑے ہوں اجلاس میں شرکاء نے کہا کہ پاکستان کی سلامتی اور خودمختاری پر کوئی سمجھوتہ نہیں کیا جائے گا اور شرپسند عناصر کے خلاف قانون کے مطابق کارروائی جاری رہے گی ملک میں امن و امان کی صورتحال پر غور کیا گیا اور شہداء کی قربانیوں کو خراج عقیدت پیش کیا گیا حکومت نے اس موقع پر تمام سیاسی جماعتوں سے اپیل کی کہ وہ قومی مفاد میں متحد رہیں اور ملکی سلامتی کے اداروں کے ساتھ کھڑے ہوں اجلاس میں شرکاء نے کہا کہ پاکستان کی سلامتی اور خودمختاری پر کوئی سمجھوتہ نہیں کیا جائے گا اور شرپسند عناصر کے خلاف قانون کے مطابق کارروائی جاری رہے گی ملک میں امن و امان کی صورتحال پر غور کیا گیا اور شہداء کی قربانیوں کو خراج عقیدت پیش کیا گیا حکومت نے اس موقع پر تمام سیاسی جماعتوں سے اپیل کی کہ وہ قومی مفاد میں متحد رہیں اور ملکی سلامتی کے اداروں کے ساتھ کھڑے ہوں اجلاس میں شرکاء نے کہا کہ پاکستان کی سلامتی اور خودمختاری پر کوئی سمجھوتہ نہیں کیا جائے گا اور شرپسند عناصر کے خلاف قانون کے مطابق کارروائی جاری رہے گی ملک میں امن و امان کی صورتحال پر غور کیا گیا اور شہداء کی قربانیوں کو خراج عقیدت پیش کیا گیا حکومت نے اس موقع پر تمام سیاسی جماعتوں سے اپیل کی کہ وہ قومی مفاد میں متحد رہیں اور ملکی سلامتی کے اداروں کے ساتھ کھڑے ہوں اجلاس میں شرکاء نے کہا کہ پاکستان کی سلامتی اور خودمختاری پر کوئی سمجھوتہ نہیں کیا جائے گا اور شرپسند عناصر کے خلاف قانون کے مطابق کارروائی جاری رہے گی ملک میں امن و امان کی صورتحال پر غور کیا گیا اور شہداء کی قربانیوں کو خراج عقیدت پیش کیا گیا حکومت نے اس موقع پر تمام سیاسی جماعتوں سے اپیل کی کہ وہ قومی مفاد میں متحد رہیں اور ملکی سلامتی کے اداروں کے ساتھ کھڑے ہوں اجلاس میں شرکاء نے کہا کہ پاکستان کی سلامتی اور خودمختاری پر کوئی سمجھوتہ نہیں کیا جائے گا اور شرپسند عناصر کے خلاف قانون کے مطابق کارروائی جاری رہے گی ملک میں امن و امان کی صورتحال پر غور کیا گیا اور شہداء کی قربانیوں کو خراج عقیدت پیش کیا گیا حکومت نے اس موقع پر تمام سیاسی جماعتوں سے اپیل کی کہ وہ قومی مفاد میں متحد رہیں اور ملکی سلامتی کے اداروں کے ساتھ کھڑے ہوں اجلاس میں شرکاء نے کہا کہ پاکستان کی سلامتی اور خودمختاری پر کوئی سمجھوتہ نہیں کیا جائے گا اور شرپسند عناصر کے خلاف قانون کے مطابق کارروائی جاری رہے گی ملک میں امن و امان کی صورتحال پر غور کیا گیا اور شہداء کی قربانیوں کو خراج عقیدت پیش کیا گیا حکومت نے اس موقع پر تمام سیاسی جماعتوں سے اپیل کی کہ وہ قومی مفاد میں متحد رہیں اور ملکی سلامتی کے اداروں کے ساتھ کھڑے ہوں اجلاس میں شرکاء نے کہا کہ پاکستان کی سلامتی اور خودمختاری پر کوئی سمجھوتہ نہیں کیا جائے گا اور شرپسند عناصر کے خلاف قانون کے مطابق کارروائی جاری رہے گی ملک میں امن و امان کی صورتحال پر غور کیا گیا اور شہداء کی قربانیوں کو خراج عقیدت پیش کیا گیا حکومت نے اس موقع پر تمام سیاسی جماعتوں سے اپیل کی کہ وہ قومی مفاد میں متحد رہیں اور ملکی سلامتی کے اداروں کے ساتھ کھڑے ہوں اجلاس میں شرکاء نے کہا کہ پاکستان کی سلامتی اور خودمختاری پر کوئی سمجھوتہ نہیں کیا جائے گا اور شرپسند عناصر کے خلاف قانون کے مطابق کارروائی جاری رہے گی ملک میں امن و امان کی صورتحال پر غور کیا گیا اور شہداء کی قربانیوں کو خراج عقیدت پیش کیا گیا حکومت نے اس موقع پر تمام سیاسی جماعتوں سے اپیل کی کہ وہ قومی مفاد میں متحد رہیں اور ملکی سلامتی کے اداروں کے ساتھ کھڑے ہوں اجلاس میں شرکاء نے کہا کہ پاکستان کی سلامتی اور خودمختاری پر کوئی سمجھوتہ نہیں کیا جائے گا اور شرپسند عناصر کے خلاف قانون کے مطابق کارروائی جاری رہے گی ملک میں امن و امان کی صورتحال پر غور کیا گیا اور شہداء کی قربانیوں کو خراج عقیدت پیش کیا گیا حکومت نے اس موقع پر تمام سیاسی جماعتوں سے اپیل کی کہ وہ قومی مفاد میں متحد رہیں اور ملکی سلامتی کے اداروں کے ساتھ کھڑے ہوں اجلاس میں شرکاء نے کہا کہ پاکستان کی سلامتی اور خودمختاری پر کوئی سمجھوتہ نہیں کیا جائے گا اور شرپسند عناصر کے خلاف قانون کے مطابق کارروائی جاری رہے گی ملک میں امن و امان کی صورتحال پر غور کیا گیا اور شہداء کی قربانیوں کو خراج عقیدت پیش کیا گیا حکومت نے اس موقع پر تمام سیاسی جماعتوں سے اپیل کی کہ وہ قومی مفاد میں متحد رہیں اور ملکی سلامتی کے اداروں کے ساتھ کھڑے ہوں اجلاس میں شرکاء نے کہا کہ پاکستان کی سلامتی اور خودمختاری پر کوئی سمجھوتہ نہیں کیا جائے گا اور شرپسند عناصر کے خلاف قانون کے مطابق کارروائی جاری رہے گی ملک میں امن و امان کی صورتحال پر غور کیا گیا اور شہداء کی قربانیوں کو خراج عقیدت پیش کیا گیا حکومت نے اس موقع پر تمام سیاسی جماعتوں سے اپیل کی ک

25
چیف جسٹس

ملک میں امن و امان کی صورتحال پر غور کیا گیا اور شہداء کی قربانیوں کو خراج عقیدت پیش کیا گیا حکومت نے اس موقع پر تمام سیاسی جماعتوں سے اپیل کی کہ وہ قومی مفاد میں متحد رہیں اور ملکی سلامتی کے اداروں کے ساتھ کھڑے ہوں اجلاس میں شرکاء نے کہا کہ پاکستان کی سلامتی اور خودمختاری پر کوئی سمجھوتہ نہیں کیا جائے گا اور شرپسند عناصر کے خلاف قانون کے مطابق کارروائی جاری رہے گی ملک میں امن و امان کی صورتحال پر غور کیا گیا اور شہداء کی قربانیوں کو خراج عقیدت پیش کیا گیا حکومت نے اس موقع پر تمام سیاسی جماعتوں سے اپیل کی کہ وہ قومی مفاد میں متحد رہیں اور ملکی سلامتی کے اداروں کے ساتھ کھڑے ہوں اجلاس میں شرکاء نے کہا کہ پاکستان کی سلامتی اور خودمختاری پر کوئی سمجھوتہ نہیں کیا جائے گا اور شرپسند عناصر کے خلاف قانون کے مطابق کارروائی جاری رہے گی ملک میں امن و امان کی صورتحال پر غور کیا گیا اور شہداء کی قربانیوں کو خراج عقیدت پیش کیا گیا حکومت نے اس موقع پر تمام سیاسی جماعتوں سے اپیل کی کہ وہ قومی مفاد میں متحد رہیں اور ملکی سلامتی کے اداروں کے ساتھ کھڑے ہوں اجلاس میں شرکاء نے کہا کہ پاکستان کی سلامتی اور خودمختاری پر کوئی سمجھوتہ نہیں کیا جائے گا اور شرپسند عناصر کے خلاف قانون کے مطابق کارروائی جاری رہے گی ملک میں امن و امان کی صورتحال پر غور کیا گیا اور شہداء کی قربانیوں کو خراج عقیدت پیش کیا گیا حکومت نے اس موقع پر تمام سیاسی جماعتوں سے اپیل کی کہ وہ قومی مفاد میں متحد رہیں اور ملکی سلامتی کے اداروں کے ساتھ کھڑے ہوں اجلاس میں شرکاء نے کہا کہ پاکستان کی سلامتی اور خودمختاری پر کوئی سمجھوتہ نہیں کیا جائے گا اور شرپسند عناصر کے خلاف قانون کے مطابق کارروائی جاری رہے گی ملک میں امن و امان کی صورتحال پر غور کیا گیا اور شہداء کی قربانیوں کو خراج عقیدت پیش کیا گیا حکومت نے اس موقع پر تمام سیاسی جماعتوں سے اپیل کی کہ وہ قومی مفاد میں متحد رہیں اور ملکی سلامتی کے اداروں کے ساتھ کھڑے ہوں اجلاس میں شرکاء نے کہا کہ پاکستان کی سلامتی اور خودمختاری پر کوئی سمجھوتہ نہیں کیا جائے گا اور شرپسند عناصر کے خلاف قانون کے مطابق کارروائی جاری رہے گی ملک میں امن و امان کی صورتحال پر غور کیا گیا اور شہداء کی قربانیوں کو خراج عقیدت پیش کیا گیا حکومت نے اس موقع پر تمام سیاسی جماعتوں سے اپیل کی کہ وہ قومی مفاد میں متحد رہیں اور ملکی سل

ملک میں امن و امان کی صورتحال پر غور کیا گیا اور شہداء کی قربانیوں کو خراج عقیدت پیش کیا گیا حکومت نے اس موقع پر تمام سیاسی جماعتوں سے اپیل کی کہ وہ قومی مفاد میں متحد رہیں اور ملکی سلامتی کے اداروں کے ساتھ کھڑے ہوں اجلاس میں شرکاء نے کہا کہ پاکستان کی سلامتی اور خودمختاری پر کوئی سمجھوتہ نہیں کیا جائے گا اور شرپسند عناصر کے خلاف قانون کے مطابق کارروائی جاری رہے گی ملک میں امن و امان کی صورتحال پر غور کیا گیا اور شہداء کی قربانیوں کو خراج عقیدت پیش کیا گیا حکومت نے اس موقع پر تمام سیاسی جماعتوں سے اپیل کی کہ وہ قومی مفاد میں متحد رہیں اور ملکی سلامتی کے اداروں کے ساتھ کھڑے ہوں اجلاس میں شرکاء نے کہا کہ پاکستان کی سلامتی اور خودمختاری پر کوئی سمجھوتہ نہیں کیا جائے گا اور شرپسند عناصر کے خلاف قانون کے مطابق کارروائی جاری رہے گی ملک میں امن و امان کی صورتحال پر غور کیا گیا اور شہداء کی قربانیوں کو خراج عقیدت پیش کیا گیا حکومت نے اس موقع پر تمام سیاسی جماعتوں سے اپیل کی کہ وہ قومی مفاد میں متحد رہیں اور ملکی سلامتی کے اداروں کے ساتھ کھڑے ہوں اجلاس میں شرکاء نے کہا کہ پاکستان کی سلامتی اور خودمختاری پر کوئی سمجھوتہ نہیں کیا جائے گا اور شرپسند عناصر کے خلاف قانون کے مطابق کارروائی جاری رہے گی ملک میں امن و امان کی صورتحال پر غور کیا گیا اور شہداء کی قربانیوں کو خراج عقیدت پیش کیا گیا حکومت نے اس موقع پر تمام سیاسی جماعتوں سے اپیل کی کہ وہ قومی مفاد میں متحد رہیں اور ملکی سلامتی کے اداروں کے ساتھ کھڑے ہوں اجلاس میں شرکاء نے کہا کہ پاکستان کی سلامتی اور خودمختاری پر کوئی سمجھوتہ نہیں کیا جائے گا اور شرپسند عناصر کے خلاف قانون کے مطابق کارروائی جاری رہے گی ملک میں امن و امان کی صورتحال پر غور کیا گیا اور شہداء کی قربانیوں کو خراج عقیدت پیش کیا گیا حکومت نے اس موقع پر تمام سیاسی جماعتوں سے اپیل کی کہ وہ قومی مفاد میں متحد رہیں اور ملکی سلامتی کے اداروں کے ساتھ کھڑے ہوں اجلاس میں شرکاء نے کہا کہ پاکستان کی سلامتی اور خودمختاری پر کوئی سمجھوتہ نہیں کیا جائے گا اور شرپسند عناصر کے خلاف قانون کے مطابق کارروائی جاری رہے گی ملک میں امن و امان کی صورتحال پر غور کیا گیا اور شہداء کی قربانیوں کو خراج عقیدت پیش کیا گیا حکومت نے اس موقع پر تمام سیاسی جماعتوں سے اپیل کی کہ وہ قومی مفاد میں متحد رہیں اور ملکی سلامتی کے اداروں کے ساتھ کھڑے ہوں اجلاس میں شرکاء نے کہا کہ پاکستان کی سلامتی اور خودمختاری پر کوئی سمجھوتہ نہیں کیا جائے گا اور شرپسند عناصر کے خلاف قانون کے مطابق کارروائی جاری رہے گی ملک میں امن و امان کی صورتحال پر غور کیا گیا اور شہداء کی قربانیوں کو خراج عقیدت پیش کیا گیا حکومت نے اس موقع پر تمام سیاسی جماعتوں سے اپیل کی کہ وہ قومی مفاد میں متحد رہیں اور ملکی سلامتی کے اداروں کے ساتھ کھڑے ہوں اجلاس میں شرکاء نے کہا کہ پاکستان کی سلامتی اور خودمختاری پر کوئی سمجھوتہ نہیں کیا جائے گا اور شرپسند عناصر کے خلاف قانون کے مطابق کارروائی جاری رہے گی ملک میں امن و امان کی صورتحال پر غور کیا گیا اور شہداء کی قربانیوں کو خراج عقیدت پیش کیا گیا حکومت نے اس موقع پر تمام سیاسی جماعتوں سے اپیل کی کہ وہ قومی مفاد میں متحد رہیں اور ملکی سلامتی کے اداروں کے ساتھ کھڑے ہوں اجلاس میں شرکاء نے کہا کہ پاکستان کی سلامتی اور خودمختاری پر کوئی سمجھوتہ نہیں کیا جائے گا اور شرپسند عناصر کے خ

26
یکجہتی اظہار

ملک میں امن و امان کی صورتحال پر غور کیا گیا اور شہداء کی قربانیوں کو خراج عقیدت پیش کیا گیا حکومت نے اس موقع پر تمام سیاسی جماعتوں سے اپیل کی کہ وہ قومی مفاد میں متحد رہیں اور ملکی سلامتی کے اداروں کے ساتھ کھڑے ہوں اجلاس میں شرکاء نے کہا کہ پاکستان کی سلامتی اور خودمختاری پر کوئی سمجھوتہ نہیں کیا جائے گا اور شرپسند عناصر کے خلاف قانون کے مطابق کارروائی جاری رہے گی ملک میں امن و امان کی صورتحال پر غور کیا گیا اور شہداء کی قربانیوں کو خراج عقیدت پیش کیا گیا حکومت نے اس موقع پر تمام سیاسی جماعتوں سے اپیل کی کہ وہ قومی مفاد میں متحد رہیں اور ملکی سلامتی کے اداروں کے ساتھ کھڑے ہوں اجلاس میں شرکاء نے کہا کہ پاکستان کی سلامتی اور خودمختاری پر کوئی سمجھوتہ نہیں کیا جائے گا اور شرپسند عناصر کے خلاف قانون کے مطابق کارروائی جاری رہے گی ملک میں امن و امان کی صورتحال پر غور کیا گیا اور شہداء کی قربانیوں کو خراج عقیدت پیش کیا گیا حکومت نے اس موقع پر تمام سیاسی جماعتوں سے اپیل کی کہ وہ قومی مفاد میں متحد رہیں اور ملکی سلامتی کے اداروں کے ساتھ کھڑے ہوں اجلاس میں شرکاء نے کہا کہ پاکستان کی سلامتی اور خودمختاری پر کوئی سمجھوتہ نہیں کیا جائے گا اور شرپسند عناصر کے خلاف قانون کے مطابق کارروائی جاری رہے گی ملک میں امن و امان کی صورتحال پر غور کیا گیا اور شہداء کی قربانیوں کو خراج عقیدت پیش کیا گیا حکومت نے اس موقع پر تمام سیاسی جماعتوں سے اپیل کی کہ وہ قومی مفاد میں متحد رہیں اور ملکی سلامتی کے اداروں کے ساتھ کھڑے ہوں اجلاس میں شرکاء نے کہا کہ پاکستان کی سلامتی اور خودمختاری پر کوئی سمجھوتہ نہیں کیا جائے گا اور شرپسند عناصر کے خلاف قانون کے مطابق کارروائی جاری رہے گی ملک میں امن و امان کی صورتحال پر غور کیا گیا اور شہداء کی قربانیوں کو خراج عقیدت پیش کیا گیا حکومت نے اس موقع پر تمام سیاسی جماعتوں سے اپیل کی کہ وہ قومی مفاد میں متحد رہیں اور ملکی سلامتی کے اداروں کے ساتھ کھڑے ہوں اجلاس میں شرکاء نے کہا کہ پاکستان کی سلامتی اور خودمختاری پر کوئی سمجھوتہ نہیں کیا جائے گا اور شرپسند عناصر کے خلاف قانون کے مطابق کارروائی جاری رہے گی ملک میں امن و امان کی صورتحال پر غور کیا گیا اور شہداء کی قربانیوں کو خراج عقیدت پیش کیا گیا حکومت نے اس موقع پر تمام سیاسی جماعتوں سے اپیل کی کہ وہ قومی مفاد میں متحد رہیں اور ملکی سلامتی کے اداروں کے ساتھ کھڑے ہوں اجلاس میں شرکاء نے کہا کہ پاکستان کی سلامتی اور خودمختاری پر کوئی سمجھوتہ نہیں کیا جائے گا اور شرپسند عناصر کے خلاف قانون کے مطابق کارروائی جاری رہے گی ملک میں امن و امان کی صورتحال پر غور کیا گیا اور شہداء کی قربانیوں کو خراج عقیدت پیش کیا گیا حکومت نے اس موقع پر تمام سیاسی جماعتوں سے اپیل کی کہ وہ قومی مفاد میں متحد رہیں اور ملکی سلامتی کے اداروں کے ساتھ کھڑے ہوں اجلاس میں شرکاء نے کہا کہ پاکستان کی سلامتی اور خودمختاری پر کوئی سمجھوتہ نہیں کیا جائے گا اور شرپسند عناصر کے خلاف قانون کے مطابق کارروائی جاری رہے گی ملک میں امن و امان کی صورتحال پر غور کیا گیا اور شہداء کی قربانیوں کو خراج عقیدت پیش کیا گیا حکومت نے اس موقع پر تمام سیاسی جماعتوں سے اپیل کی کہ وہ قوم

27
قرار داد منظور

ملک میں امن و امان کی صورتحال پر غور کیا گیا اور شہداء کی قربانیوں کو خراج عقیدت پیش کیا گیا حکومت نے اس موقع پر تمام سیاسی جماعتوں سے اپیل کی کہ وہ قومی مفاد میں متحد رہیں اور ملکی سلامتی کے اداروں کے ساتھ کھڑے ہوں اجلاس میں شرکاء نے کہا کہ پاکستان کی سلامتی اور خودمختاری پر کوئی سمجھوتہ نہیں کیا جائے گا اور شرپسند عناصر کے خلاف قانون کے مطابق کارروائی جاری رہے گی ملک میں امن و امان کی صورتحال پر غور کیا گیا اور شہداء کی قربانیوں کو خراج عقیدت پیش کیا گیا حکومت نے اس موقع پر تمام سیاسی جماعتوں سے اپیل کی کہ وہ قومی مفاد میں متحد رہیں اور ملکی سلامتی کے اداروں کے ساتھ کھڑے ہوں اجلاس میں شرکاء نے کہا کہ پاکستان کی سلامتی اور خودمختاری پر کوئی سمجھوتہ نہیں کیا جائے گا اور شرپسند عناصر کے خلاف قانون کے مطابق کارروائی جاری رہے گی ملک میں امن و امان کی صورتحال پر غور کیا گیا اور شہداء کی قربانیوں کو خراج عقیدت پیش کیا گیا حکومت نے اس موقع پر تمام سیاسی جماعتوں سے اپیل کی کہ وہ قومی مفاد میں متحد رہیں اور ملکی سلامتی کے اداروں کے ساتھ کھڑے ہوں اجلاس میں شرکاء نے کہا کہ پاکستان کی سلامتی اور خودمختاری پر کوئی سمجھوتہ نہیں کیا جائے گا اور شرپسند عناصر کے خلاف قانون کے مطابق کارروائی جاری رہے گی ملک میں امن و امان کی صورتحال پر غور کیا گیا اور شہداء کی قربانیوں کو خراج عقیدت پیش کیا گیا حکومت نے اس موقع پر تمام سیاسی جماع

ملک میں امن و امان کی صورتحال پر غور کیا گیا اور شہداء کی قربانیوں کو خراج عقیدت پیش کیا گیا حکومت نے اس موقع پر تمام سیاسی جماعتوں سے اپیل کی کہ وہ قومی مفاد میں متحد رہیں اور ملکی سلامتی کے اداروں کے ساتھ کھڑے ہوں اجلاس میں شرکاء نے کہا کہ پاکستان کی سلامتی اور خودمختاری پر کوئی سمجھوتہ نہیں کیا جائے گا اور شرپسند عناصر کے خلاف قانون کے مطابق کارروائی جاری رہے گی ملک میں امن و امان کی صورتحال پر غور کیا گیا اور شہداء کی قربانیوں کو خراج عقیدت پیش کیا گیا حکومت نے اس موقع پر تمام سیاسی جماعتوں سے اپیل کی کہ وہ قومی مفاد میں متحد رہیں اور ملکی سلامتی کے اداروں کے ساتھ کھڑے ہوں اجلاس میں شرکاء نے کہا کہ پاکستان کی سلامتی اور خودمختاری پر کوئی سمجھوتہ نہیں کیا جائے گا اور شرپسند عناصر کے خلاف قانون کے مطابق کارروائی جاری رہے گی ملک میں امن و امان کی صورتحال پر غور کیا گیا اور شہداء کی قربانیوں کو خراج عقیدت پیش کیا گیا حکومت نے اس موقع پر تمام سیاسی جماعتوں سے اپیل کی کہ وہ قومی مفاد میں متحد رہیں اور ملکی سلامتی کے اداروں کے ساتھ کھڑے ہوں اجلاس میں شرکاء نے کہا کہ پاکستان کی سلامتی اور خودمختاری پر کوئی سمجھوتہ نہیں کیا جائے گا اور شرپسند عناصر کے خلاف قانون کے مطابق کارروائی جاری رہے گی ملک میں امن و امان کی صورتحال پر غور کیا گیا اور شہداء کی قربانیوں کو خراج عقیدت پیش کیا گیا حکومت نے اس موقع پر تمام سیاسی جماعتوں سے اپیل کی کہ وہ قومی مفاد میں متحد رہیں اور ملکی سلامتی کے اداروں کے ساتھ کھڑے ہوں اجلاس میں شرکاء نے کہا کہ پاکستان کی سلامتی اور خودمختاری پر کوئی سمجھوتہ نہیں کیا جائے گا اور شرپسند عناصر کے خلاف قانون کے مطابق کارروائی جاری رہے گی ملک میں امن و امان کی صورتحال پر غور کیا گیا اور شہداء کی قربانیوں کو خراج عقیدت پیش کیا گیا حکومت نے اس موقع پر تمام سیاسی جماعتوں سے اپیل کی کہ وہ قومی مفاد میں متحد رہیں اور ملکی سلامتی کے اداروں کے ساتھ کھڑے ہوں اجلاس میں شرکاء نے کہا کہ پاکستان کی سلامتی اور خودمختاری پر کوئی سمجھوتہ نہیں کیا جائے گا اور شرپسند عناصر کے خلاف قانون کے مطابق کارروائی جاری رہے گی ملک میں امن و امان کی صورتحال پر غور کیا گیا اور شہداء کی قربانیوں کو خراج عقیدت پیش کیا گیا حکومت نے اس موقع پر تمام سیاسی جماعتوں سے اپیل کی کہ وہ قومی مفاد میں متحد رہیں اور ملکی سلامتی کے اداروں کے ساتھ کھڑے ہوں اجلاس میں شرکاء نے کہا کہ پاکستان کی سلامتی اور خودمختاری پر کوئی سمجھوتہ نہیں کیا جائے گا اور شرپسند عناصر کے خلاف قانون کے مطابق کارروائی جاری رہے گی ملک میں امن و امان کی صورتحال پر غور کیا گیا اور شہداء کی قربانیوں کو خراج عقیدت پیش کیا گیا حکومت نے اس موقع پر تمام سیاسی جماعتوں سے اپیل کی کہ وہ قومی مفاد میں متحد رہیں اور ملکی سلامتی کے اداروں کے ساتھ کھڑے ہوں اجلاس میں شرکاء نے کہا کہ پاکستان کی سلامتی اور خودمختاری پر کوئی سمجھوتہ نہیں کیا جائے گا اور شرپسند عناصر کے خلاف قانون کے مطابق کارروائی جاری رہے گی ملک میں امن و امان کی صورتحال پر غور کیا گیا اور شہداء کی قربانیوں کو خراج عقیدت پیش کیا گیا حکومت نے اس موقع پر تمام سیاسی جماعتوں سے اپیل کی کہ وہ قومی مفاد میں متحد رہیں اور ملکی سلامتی کے اداروں کے ساتھ کھڑے ہوں اجلاس میں شرکاء نے کہا کہ پاکستان کی سلامتی اور خودمختاری پر کوئی سمجھوتہ نہیں کیا جائے گا اور شرپسند عناصر کے خلاف قانون کے مطابق کارروائی جاری رہے گی ملک میں امن و امان کی صورتحال پر غور کیا گیا اور شہداء کی قربانیوں کو خراج عقیدت پیش کیا گیا حکومت نے اس موقع پر تمام سیاسی جماعتوں سے اپیل کی کہ وہ قومی مفاد میں متحد رہیں اور ملکی سلامتی کے اداروں کے ساتھ کھڑے ہوں اجلاس میں شرکاء نے کہا کہ پاکستان کی سلامتی اور خودمختاری پر کوئی سمجھوتہ نہیں کیا جائے گا اور شرپسند عناصر کے خلاف قانون کے مطابق کارروائی جاری رہے گی ملک میں امن و امان کی صورتحال پر غور کیا گیا اور شہداء کی قربانیوں کو خراج عقیدت پیش کیا گیا حکومت نے اس موقع پر تمام سیاسی جماعتوں سے اپیل کی کہ وہ قومی مفاد میں متحد رہیں اور ملکی سلامتی کے اداروں کے ساتھ کھڑے ہوں اجلاس میں شرکاء نے کہا کہ پاکستان کی سلامتی اور خودمختاری پر کوئی سمجھوتہ نہیں کیا جائے گا اور شرپسند عناصر کے خلاف قانون کے مطابق کارروائی جاری رہے گی ملک میں امن و امان کی صورتحال پر غور کیا گیا اور شہداء کی قربانیوں کو خراج عقیدت پیش کیا گیا حکومت نے اس موقع پر تمام سیاسی جماعتوں سے اپیل کی کہ وہ قومی مفاد میں متحد رہیں اور ملکی سلامتی کے اداروں کے ساتھ کھڑے ہوں اجلاس میں شرکاء نے کہا کہ پاکستان کی سلامتی اور خودمختاری پر کوئی سمجھوتہ نہیں کیا جائے گا اور شرپسند عناصر کے خلاف قانون کے مطابق کارروائی جاری رہے گی ملک میں امن و امان کی صورتحال پر غور کیا گیا اور شہداء کی قربانیوں کو خراج عقیدت پیش کیا گیا حکومت نے اس موقع پر تمام سیاسی جماعتوں سے اپیل کی کہ وہ قومی مفاد میں متحد رہیں اور ملکی سلامتی کے اداروں کے ساتھ کھڑے ہوں اجلاس میں شرکاء نے کہا کہ پاکستان کی سلامتی اور خودمختاری پر کوئی سمجھوتہ نہیں کیا جائے گا اور شرپسند عناصر کے خلاف قانون کے مطابق کارروائی جاری رہے گی ملک میں امن و امان کی صورتحال پر غور کیا گیا اور شہداء کی قربانیوں کو خراج عقیدت پیش کیا گیا حکومت نے اس موقع پر تمام سیاسی جماعتوں سے اپیل کی کہ وہ قومی مفاد میں متحد رہیں اور ملکی سلامتی کے اداروں کے ساتھ کھڑے ہوں اجلاس میں شرکاء نے کہا کہ پاکستان کی سلامتی اور خودمختاری پر کوئی سمجھوتہ نہیں کیا جائے گا اور شرپسند عناصر کے خلاف قانون کے مطابق کارروائی جاری رہے گی ملک میں امن و امان کی صورتحال پر غور کیا گیا اور شہداء کی قربانیوں کو خراج عقیدت پیش کیا گیا حکومت نے اس موقع پر تمام سیاسی جماعتوں سے اپیل کی کہ وہ قومی مفاد میں متحد رہیں اور ملکی سلامتی کے اداروں کے ساتھ کھڑے ہوں اجلاس میں شرکاء نے کہا کہ پاکستان کی سلامتی اور خودمختاری پر کوئی سمجھوتہ نہیں کیا جائے گا اور شرپسند عناصر کے خلاف قانون کے مطابق کارروائی جاری رہے گی ملک میں امن و امان کی صورتحال پر غور کیا گیا اور شہداء کی قربانیوں کو خراج عقیدت پیش کیا گیا حکومت نے اس موقع پر تمام سیاسی جماعتوں سے اپیل کی کہ وہ قومی مفاد میں متحد رہیں اور ملکی سلامتی کے اداروں کے ساتھ کھڑے ہوں اجلاس میں شرکاء نے کہا کہ پاکستان کی سلامتی اور خودمختاری پر کوئی سمجھوتہ نہیں کیا جائے گا اور شرپسند عناصر کے خلاف قانون کے مطابق کارروائی جاری رہے گی ملک میں امن و امان کی صورتحال پر غور کیا گیا اور شہداء کی قربانیوں کو خراج عقیدت پیش کیا گیا حکومت نے اس موقع پر تمام سیاسی جماعتوں سے اپیل کی کہ وہ قومی مفاد میں متحد رہیں اور ملکی سلامتی کے اداروں کے ساتھ کھڑے ہوں اجلاس میں شرکاء نے کہا کہ پاکستان کی سلامتی اور خودمختاری پر کوئی سمجھوتہ نہیں کیا جائے گا اور شرپسند عناصر کے خلاف قانون کے مطابق کارروائی جاری رہے گی ملک میں امن و امان کی صورتحال پر غور کیا گیا اور شہداء کی قربانیوں کو خراج عقیدت پیش کیا گیا حکومت نے اس موقع پر تمام سیاسی جماعتوں سے اپیل کی کہ وہ قومی مفاد میں متحد رہیں اور ملکی سلامتی کے اداروں کے ساتھ کھڑے ہوں اجلاس میں شرکاء نے کہا کہ پاکستان کی سلامتی اور خودمختاری پر کوئی سمجھوتہ نہیں کیا جائے گا اور شرپسند عناصر کے خلاف قانون کے مطابق کارروائی جاری رہے گی ملک میں امن و امان کی صورتحال پر غور کیا گیا اور شہداء کی قربانیوں کو خراج عقیدت پیش کیا گیا حکومت نے اس موقع پر تمام سیاسی جماعتوں سے اپیل کی کہ وہ قومی مفاد میں متحد رہیں اور ملکی سلامتی کے اداروں کے ساتھ کھڑے ہوں اجلاس میں شرکاء نے کہا کہ پاکستان کی سلامتی اور خودمختاری پر کوئی سمجھوتہ نہیں کیا جائے گا اور شرپسند عناصر کے خلاف قانون کے مطا

28
آئی ایم ایف

ملک میں امن و امان کی صورتحال پر غور کیا گیا اور شہداء کی قربانیوں کو خراج عقیدت پیش کیا گیا حکومت نے اس موقع پر تمام سیاسی جماعتوں سے اپیل کی کہ وہ قومی مفاد میں متحد رہیں اور ملکی سلامتی کے اداروں کے ساتھ کھڑے ہوں اجلاس میں شرکاء نے کہا کہ پاکستان کی سلامتی اور خودمختاری پر کوئی سمجھوتہ نہیں کیا جائے گا اور شرپسند عناصر کے خلاف قانون کے مطابق کارروائی جاری رہے گی ملک میں امن و امان کی صورتحال پر غور کیا گیا اور شہداء کی قربانیوں کو خراج عقیدت پیش کیا گیا حکومت نے اس موقع پر تمام سیاسی جماعتوں سے اپیل کی کہ وہ قومی مفاد میں متحد رہیں اور ملکی سلامتی کے اداروں کے ساتھ کھڑے ہوں اجلاس میں شرکاء نے کہا کہ پاکستان کی سلامتی اور خودمختاری پر کوئی سمجھوتہ نہیں کیا جائے گا اور شرپسند عناصر کے خلاف قانون کے مطابق کارروائی جاری رہے گی ملک میں امن و امان کی صورتحال پر غور کیا گیا اور شہداء کی قربانیوں کو خراج عقیدت پیش کیا گیا حکومت نے اس موقع پر تمام سیاسی جماعتوں سے اپیل کی ک
